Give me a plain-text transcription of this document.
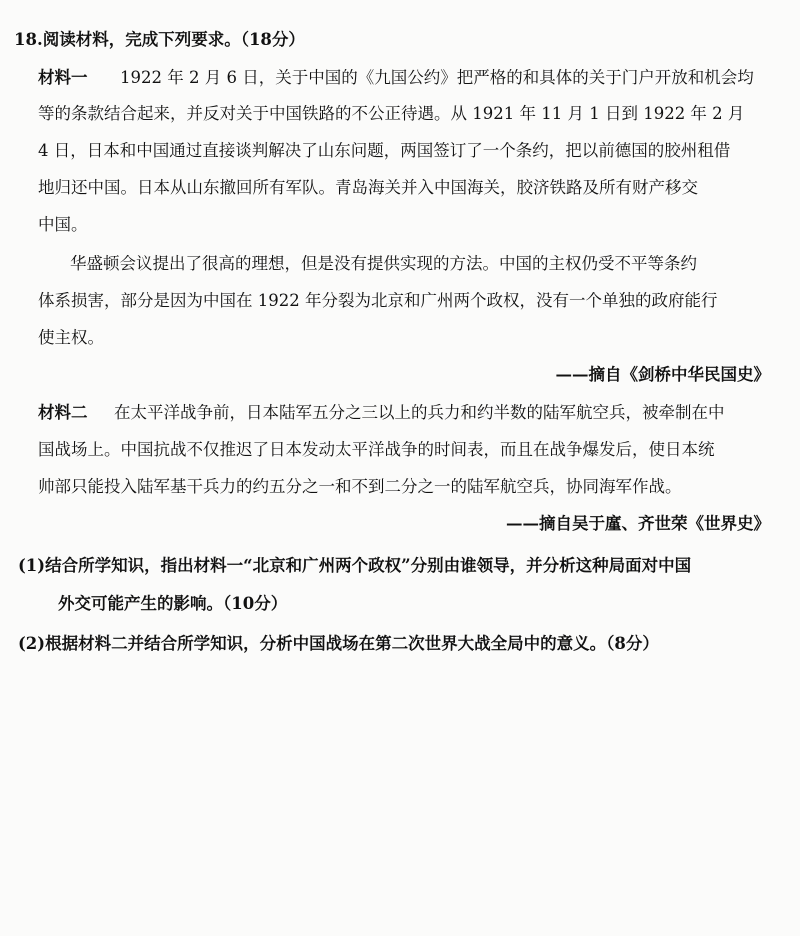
18.阅读材料，完成下列要求。（18分）
材料一 1922 年 2 月 6 日，关于中国的《九国公约》把严格的和具体的关于门户开放和机会均
等的条款结合起来，并反对关于中国铁路的不公正待遇。从 1921 年 11 月 1 日到 1922 年 2 月
4 日，日本和中国通过直接谈判解决了山东问题，两国签订了一个条约，把以前德国的胶州租借
地归还中国。日本从山东撤回所有军队。青岛海关并入中国海关，胶济铁路及所有财产移交
中国。
华盛顿会议提出了很高的理想，但是没有提供实现的方法。中国的主权仍受不平等条约
体系损害，部分是因为中国在 1922 年分裂为北京和广州两个政权，没有一个单独的政府能行
使主权。
——摘自《剑桥中华民国史》
材料二 在太平洋战争前，日本陆军五分之三以上的兵力和约半数的陆军航空兵，被牵制在中
国战场上。中国抗战不仅推迟了日本发动太平洋战争的时间表，而且在战争爆发后，使日本统
帅部只能投入陆军基干兵力的约五分之一和不到二分之一的陆军航空兵，协同海军作战。
——摘自吴于廑、齐世荣《世界史》
(1)结合所学知识，指出材料一“北京和广州两个政权”分别由谁领导，并分析这种局面对中国
外交可能产生的影响。（10分）
(2)根据材料二并结合所学知识，分析中国战场在第二次世界大战全局中的意义。（8分）
